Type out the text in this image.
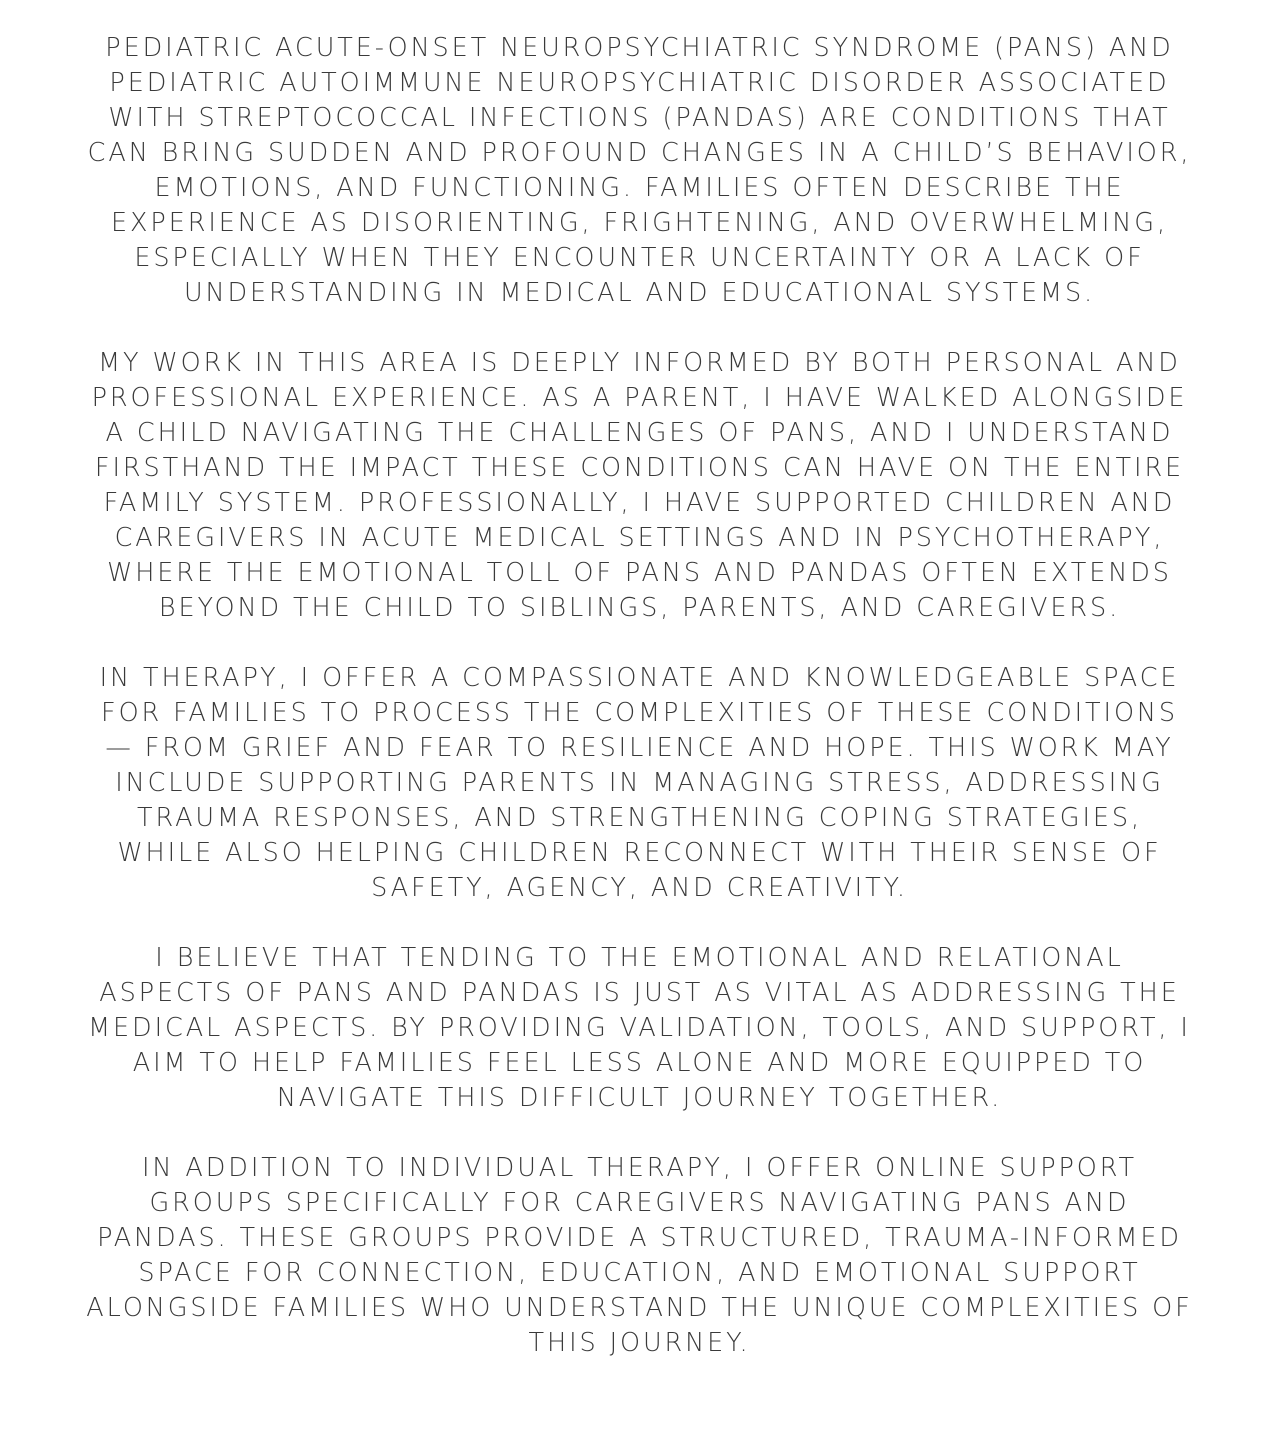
PEDIATRIC ACUTE-ONSET NEUROPSYCHIATRIC SYNDROME (PANS) AND PEDIATRIC AUTOIMMUNE NEUROPSYCHIATRIC DISORDER ASSOCIATED WITH STREPTOCOCCAL INFECTIONS (PANDAS) ARE CONDITIONS THAT CAN BRING SUDDEN AND PROFOUND CHANGES IN A CHILD’S BEHAVIOR, EMOTIONS, AND FUNCTIONING. FAMILIES OFTEN DESCRIBE THE EXPERIENCE AS DISORIENTING, FRIGHTENING, AND OVERWHELMING, ESPECIALLY WHEN THEY ENCOUNTER UNCERTAINTY OR A LACK OF UNDERSTANDING IN MEDICAL AND EDUCATIONAL SYSTEMS.

MY WORK IN THIS AREA IS DEEPLY INFORMED BY BOTH PERSONAL AND PROFESSIONAL EXPERIENCE. AS A PARENT, I HAVE WALKED ALONGSIDE A CHILD NAVIGATING THE CHALLENGES OF PANS, AND I UNDERSTAND FIRSTHAND THE IMPACT THESE CONDITIONS CAN HAVE ON THE ENTIRE FAMILY SYSTEM. PROFESSIONALLY, I HAVE SUPPORTED CHILDREN AND CAREGIVERS IN ACUTE MEDICAL SETTINGS AND IN PSYCHOTHERAPY, WHERE THE EMOTIONAL TOLL OF PANS AND PANDAS OFTEN EXTENDS BEYOND THE CHILD TO SIBLINGS, PARENTS, AND CAREGIVERS.

IN THERAPY, I OFFER A COMPASSIONATE AND KNOWLEDGEABLE SPACE FOR FAMILIES TO PROCESS THE COMPLEXITIES OF THESE CONDITIONS — FROM GRIEF AND FEAR TO RESILIENCE AND HOPE. THIS WORK MAY INCLUDE SUPPORTING PARENTS IN MANAGING STRESS, ADDRESSING TRAUMA RESPONSES, AND STRENGTHENING COPING STRATEGIES, WHILE ALSO HELPING CHILDREN RECONNECT WITH THEIR SENSE OF SAFETY, AGENCY, AND CREATIVITY.

I BELIEVE THAT TENDING TO THE EMOTIONAL AND RELATIONAL ASPECTS OF PANS AND PANDAS IS JUST AS VITAL AS ADDRESSING THE MEDICAL ASPECTS. BY PROVIDING VALIDATION, TOOLS, AND SUPPORT, I AIM TO HELP FAMILIES FEEL LESS ALONE AND MORE EQUIPPED TO NAVIGATE THIS DIFFICULT JOURNEY TOGETHER.

IN ADDITION TO INDIVIDUAL THERAPY, I OFFER ONLINE SUPPORT GROUPS SPECIFICALLY FOR CAREGIVERS NAVIGATING PANS AND PANDAS. THESE GROUPS PROVIDE A STRUCTURED, TRAUMA-INFORMED SPACE FOR CONNECTION, EDUCATION, AND EMOTIONAL SUPPORT ALONGSIDE FAMILIES WHO UNDERSTAND THE UNIQUE COMPLEXITIES OF THIS JOURNEY.
